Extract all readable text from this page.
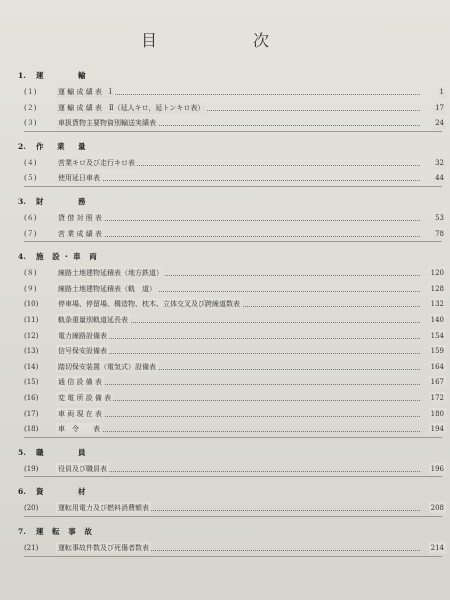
目　次
1. 運　　　輸
(１)	運 輸 成 績 表　Ⅰ	1
(２)	運 輸 成 績 表　Ⅱ（延人キロ，延トンキロ表）	17
(３)	車扱貨物主要物資別輸送実績表	24
2. 作　業　量
(４)	営業キロ及び走行キロ表	32
(５)	使用延日車表	44
3. 財　　　務
(６)	貸 借 対 照 表	53
(７)	営 業 成 績 表	78
4. 施 設・車 両
(８)	線路土地建物延積表（地方鉄道）	120
(９)	線路土地建物延積表（軌　道）	128
(10)	停車場、停留場、構造物、枕木、立体交叉及び跨線道数表	132
(11)	軌条重量別軌道延長表	140
(12)	電力線路設備表	154
(13)	信号保安設備表	159
(14)	踏切保安装置（電気式）設備表	164
(15)	通 信 設 備 表	167
(16)	変 電 所 設 備 表	172
(17)	車 両 現 在 表	180
(18)	車　令　　表	194
5. 職　　　員
(19)	役員及び職員表	196
6. 資　　　材
(20)	運転用電力及び燃料消費額表	208
7. 運 転 事 故
(21)	運転事故件数及び死傷者数表	214
